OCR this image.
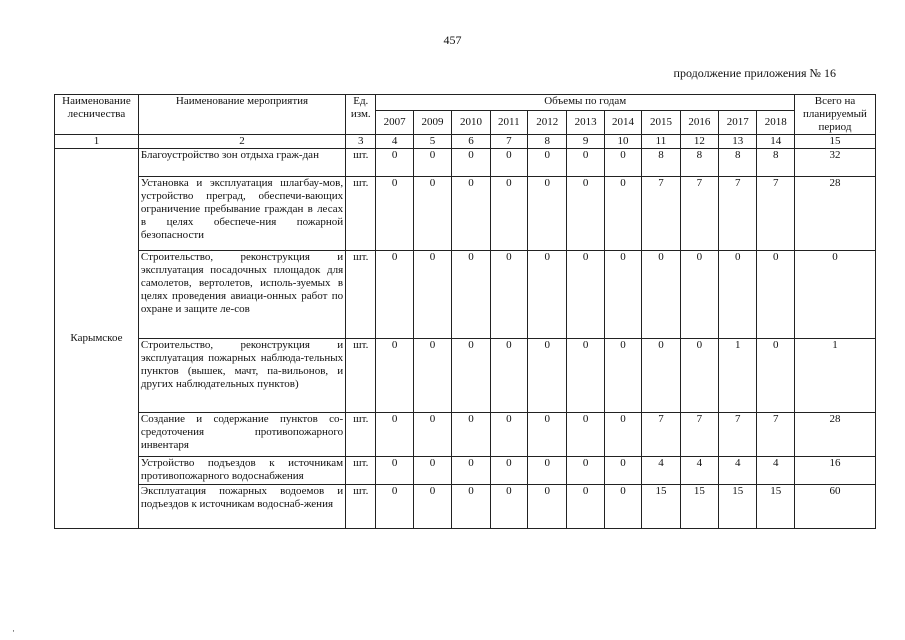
457
продолжение приложения № 16
Наименование лесничества	Наименование мероприятия	Ед. изм.	Объемы по годам											Всего на планируемый период
			2007	2009	2010	2011	2012	2013	2014	2015	2016	2017	2018	
1	2	3	4	5	6	7	8	9	10	11	12	13	14	15
Карымское	Благоустройство зон отдыха граж-дан	шт.	0	0	0	0	0	0	0	8	8	8	8	32
	Установка и эксплуатация шлагбау-мов, устройство преград, обеспечи-вающих ограничение пребывание граждан в лесах в целях обеспече-ния пожарной безопасности	шт.	0	0	0	0	0	0	0	7	7	7	7	28
	Строительство, реконструкция и эксплуатация посадочных площадок для самолетов, вертолетов, исполь-зуемых в целях проведения авиаци-онных работ по охране и защите ле-сов	шт.	0	0	0	0	0	0	0	0	0	0	0	0
	Строительство, реконструкция и эксплуатация пожарных наблюда-тельных пунктов (вышек, мачт, па-вильонов, и других наблюдательных пунктов)	шт.	0	0	0	0	0	0	0	0	0	1	0	1
	Создание и содержание пунктов со-средоточения противопожарного инвентаря	шт.	0	0	0	0	0	0	0	7	7	7	7	28
	Устройство подъездов к источникам противопожарного водоснабжения	шт.	0	0	0	0	0	0	0	4	4	4	4	16
	Эксплуатация пожарных водоемов и подъездов к источникам водоснаб-жения	шт.	0	0	0	0	0	0	0	15	15	15	15	60
·
